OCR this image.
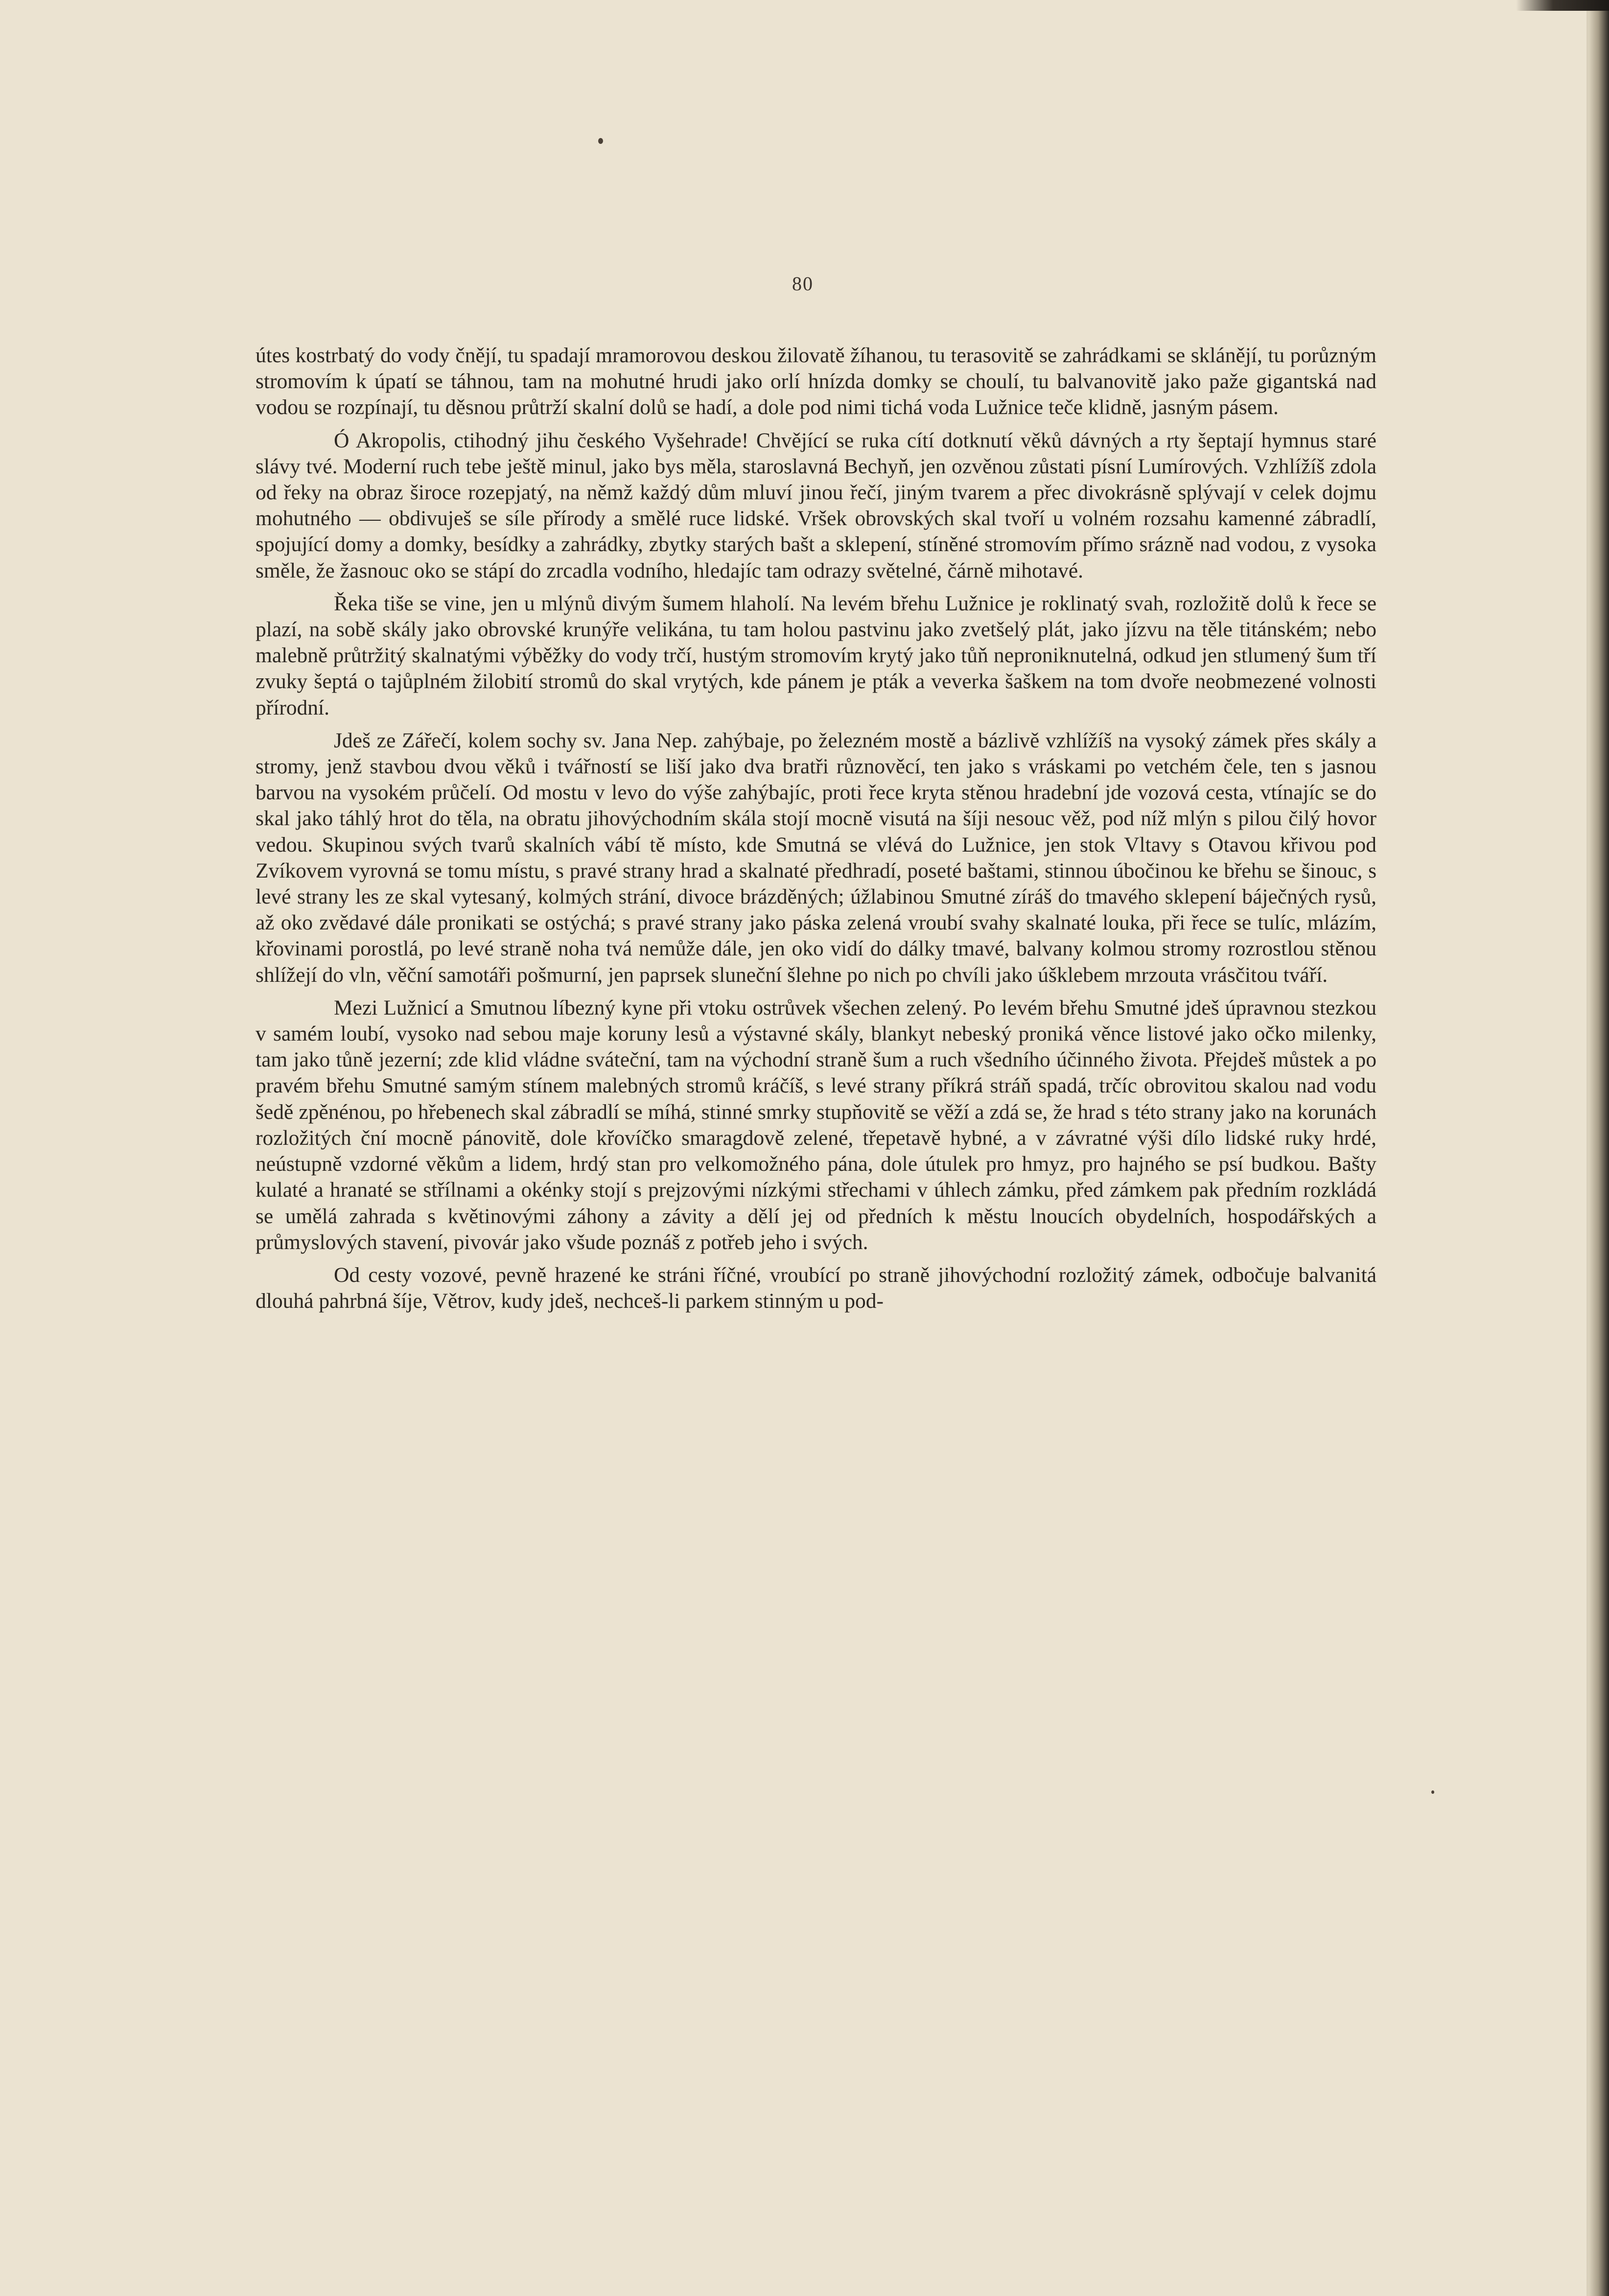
80

útes kostrbatý do vody čnějí, tu spadají mramorovou deskou žilovatě žíhanou, tu terasovitě se zahrádkami se sklánějí, tu porůzným stromovím k úpatí se táhnou, tam na mohutné hrudi jako orlí hnízda domky se choulí, tu balvanovitě jako paže gigantská nad vodou se rozpínají, tu děsnou průtrží skalní dolů se hadí, a dole pod nimi tichá voda Lužnice teče klidně, jasným pásem.

Ó Akropolis, ctihodný jihu českého Vyšehrade! Chvějící se ruka cítí dotknutí věků dávných a rty šeptají hymnus staré slávy tvé. Moderní ruch tebe ještě minul, jako bys měla, staroslavná Bechyň, jen ozvěnou zůstati písní Lumírových. Vzhlížíš zdola od řeky na obraz široce rozepjatý, na němž každý dům mluví jinou řečí, jiným tvarem a přec divokrásně splývají v celek dojmu mohutného — obdivuješ se síle přírody a smělé ruce lidské. Vršek obrovských skal tvoří u volném rozsahu kamenné zábradlí, spojující domy a domky, besídky a zahrádky, zbytky starých bašt a sklepení, stíněné stromovím přímo srázně nad vodou, z vysoka směle, že žasnouc oko se stápí do zrcadla vodního, hledajíc tam odrazy světelné, čárně mihotavé.

Řeka tiše se vine, jen u mlýnů divým šumem hlaholí. Na levém břehu Lužnice je roklinatý svah, rozložitě dolů k řece se plazí, na sobě skály jako obrovské krunýře velikána, tu tam holou pastvinu jako zvetšelý plát, jako jízvu na těle titánském; nebo malebně průtržitý skalnatými výběžky do vody trčí, hustým stromovím krytý jako tůň neproniknutelná, odkud jen stlumený šum tří zvuky šeptá o tajůplném žilobití stromů do skal vrytých, kde pánem je pták a veverka šaškem na tom dvoře neobmezené volnosti přírodní.

Jdeš ze Zářečí, kolem sochy sv. Jana Nep. zahýbaje, po železném mostě a bázlivě vzhlížíš na vysoký zámek přes skály a stromy, jenž stavbou dvou věků i tvářností se liší jako dva bratři různověcí, ten jako s vráskami po vetchém čele, ten s jasnou barvou na vysokém průčelí. Od mostu v levo do výše zahýbajíc, proti řece kryta stěnou hradební jde vozová cesta, vtínajíc se do skal jako táhlý hrot do těla, na obratu jihovýchodním skála stojí mocně visutá na šíji nesouc věž, pod níž mlýn s pilou čilý hovor vedou. Skupinou svých tvarů skalních vábí tě místo, kde Smutná se vlévá do Lužnice, jen stok Vltavy s Otavou křivou pod Zvíkovem vyrovná se tomu místu, s pravé strany hrad a skalnaté předhradí, poseté baštami, stinnou úbočinou ke břehu se šinouc, s levé strany les ze skal vytesaný, kolmých strání, divoce brázděných; úžlabinou Smutné zíráš do tmavého sklepení báječných rysů, až oko zvědavé dále pronikati se ostýchá; s pravé strany jako páska zelená vroubí svahy skalnaté louka, při řece se tulíc, mlázím, křovinami porostlá, po levé straně noha tvá nemůže dále, jen oko vidí do dálky tmavé, balvany kolmou stromy rozrostlou stěnou shlížejí do vln, věční samotáři pošmurní, jen paprsek sluneční šlehne po nich po chvíli jako úšklebem mrzouta vrásčitou tváří.

Mezi Lužnicí a Smutnou líbezný kyne při vtoku ostrůvek všechen zelený. Po levém břehu Smutné jdeš úpravnou stezkou v samém loubí, vysoko nad sebou maje koruny lesů a výstavné skály, blankyt nebeský proniká věnce listové jako očko milenky, tam jako tůně jezerní; zde klid vládne sváteční, tam na východní straně šum a ruch všedního účinného života. Přejdeš můstek a po pravém břehu Smutné samým stínem malebných stromů kráčíš, s levé strany příkrá stráň spadá, trčíc obrovitou skalou nad vodu šedě zpěnénou, po hřebenech skal zábradlí se míhá, stinné smrky stupňovitě se věží a zdá se, že hrad s této strany jako na korunách rozložitých ční mocně pánovitě, dole křovíčko smaragdově zelené, třepetavě hybné, a v závratné výši dílo lidské ruky hrdé, neústupně vzdorné věkům a lidem, hrdý stan pro velkomožného pána, dole útulek pro hmyz, pro hajného se psí budkou. Bašty kulaté a hranaté se střílnami a okénky stojí s prejzovými nízkými střechami v úhlech zámku, před zámkem pak předním rozkládá se umělá zahrada s květinovými záhony a závity a dělí jej od předních k městu lnoucích obydelních, hospodářských a průmyslových stavení, pivovár jako všude poznáš z potřeb jeho i svých.

Od cesty vozové, pevně hrazené ke stráni říčné, vroubící po straně jihovýchodní rozložitý zámek, odbočuje balvanitá dlouhá pahrbná šíje, Větrov, kudy jdeš, nechceš-li parkem stinným u pod-
